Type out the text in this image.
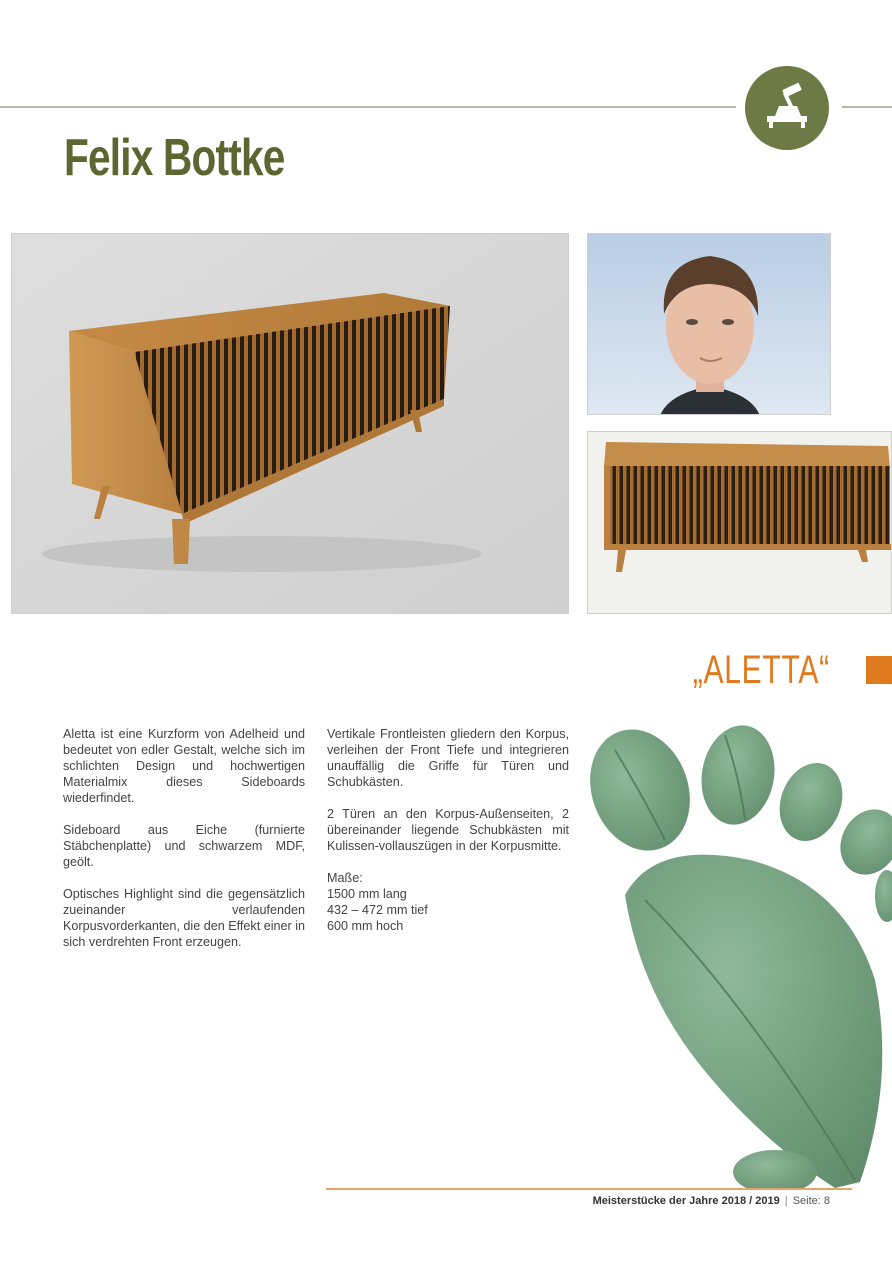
Felix Bottke
„ALETTA“

Aletta ist eine Kurzform von Adelheid und bedeutet von edler Gestalt, welche sich im schlichten Design und hochwertigen Materialmix dieses Sideboards wiederfindet.

Sideboard aus Eiche (furnierte Stäbchenplatte) und schwarzem MDF, geölt.

Optisches Highlight sind die gegensätzlich zueinander verlaufenden Korpusvorderkanten, die den Effekt einer in sich verdrehten Front erzeugen.

Vertikale Frontleisten gliedern den Korpus, verleihen der Front Tiefe und integrieren unauffällig die Griffe für Türen und Schubkästen.

2 Türen an den Korpus-Außenseiten, 2 übereinander liegende Schubkästen mit Kulissen-vollauszügen in der Korpusmitte.

Maße:
1500 mm lang
432 – 472 mm tief
600 mm hoch

Meisterstücke der Jahre 2018 / 2019 | Seite: 8
